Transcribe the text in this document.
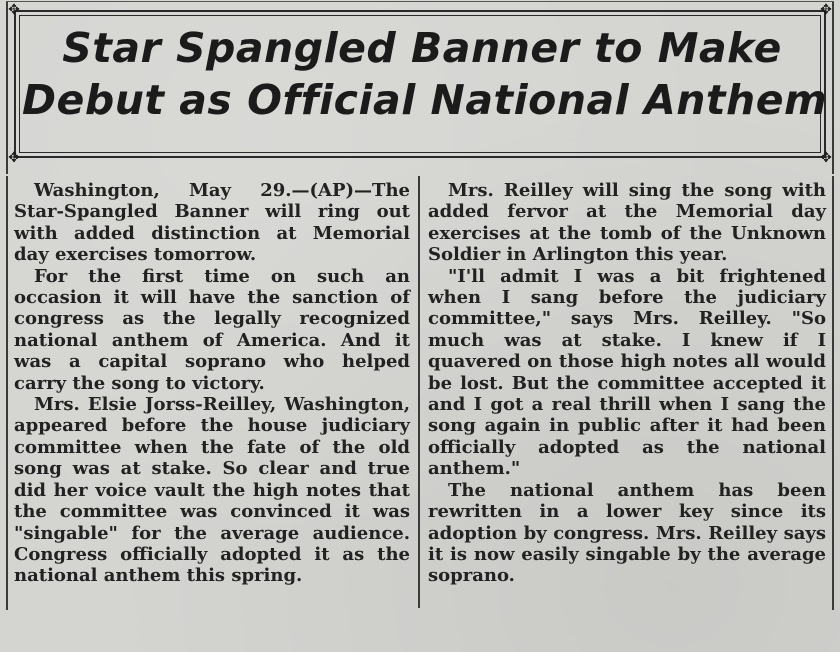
✥	✥
✥	✥
Star Spangled Banner to Make
Debut as Official National Anthem

Washington, May 29.—(AP)—The Star-Spangled Banner will ring out with added distinction at Memorial day exercises tomorrow.

For the first time on such an occasion it will have the sanction of congress as the legally recognized national anthem of America. And it was a capital soprano who helped carry the song to victory.

Mrs. Elsie Jorss-Reilley, Washington, appeared before the house judiciary committee when the fate of the old song was at stake. So clear and true did her voice vault the high notes that the committee was convinced it was "singable" for the average audience. Congress officially adopted it as the national anthem this spring.

Mrs. Reilley will sing the song with added fervor at the Memorial day exercises at the tomb of the Unknown Soldier in Arlington this year.

"I'll admit I was a bit frightened when I sang before the judiciary committee," says Mrs. Reilley. "So much was at stake. I knew if I quavered on those high notes all would be lost. But the committee accepted it and I got a real thrill when I sang the song again in public after it had been officially adopted as the national anthem."

The national anthem has been rewritten in a lower key since its adoption by congress. Mrs. Reilley says it is now easily singable by the average soprano.
